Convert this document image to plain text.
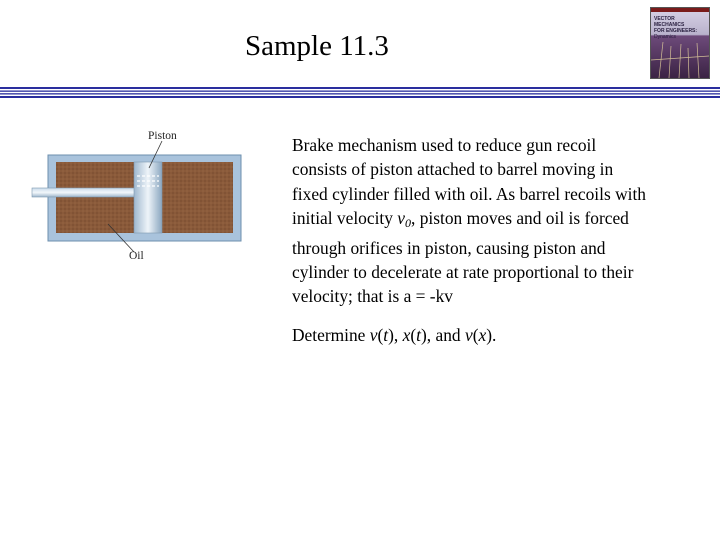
Sample 11.3
VECTOR MECHANICS
FOR ENGINEERS:
Dynamics
Piston
Oil

Brake mechanism used to reduce gun recoil consists of piston attached to barrel moving in fixed cylinder filled with oil. As barrel recoils with initial velocity $v_0$, piston moves and oil is forced through orifices in piston, causing piston and cylinder to decelerate at rate proportional to their velocity; that is a = -kv

Determine v(t), x(t), and v(x).
